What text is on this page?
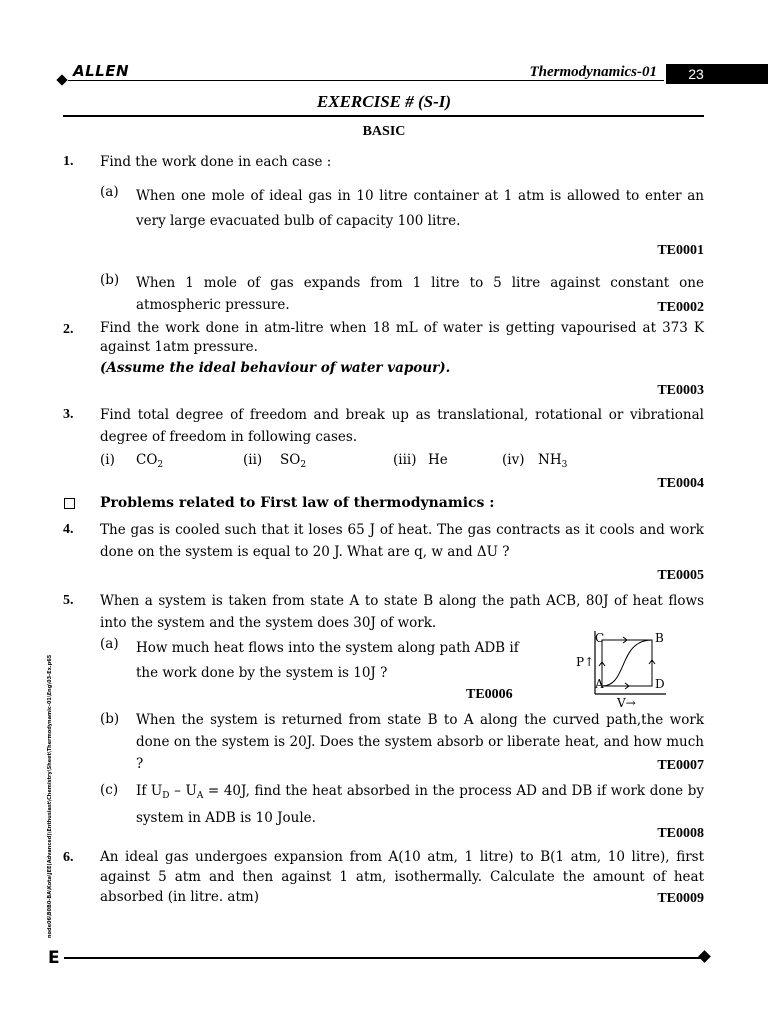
ALLEN	Thermodynamics-01	23
EXERCISE # (S-I)
BASIC
1. Find the work done in each case :
(a)	When one mole of ideal gas in 10 litre container at 1 atm is allowed to enter an very large evacuated bulb of capacity 100 litre.
TE0001
(b)	When 1 mole of gas expands from 1 litre to 5 litre against constant one atmospheric pressure.	TE0002
2. Find the work done in atm-litre when 18 mL of water is getting vapourised at 373 K against 1atm pressure.
(Assume the ideal behaviour of water vapour).
TE0003
3. Find total degree of freedom and break up as translational, rotational or vibrational degree of freedom in following cases.
(i) $CO_2$	(ii) $SO_2$	(iii) He	(iv) $NH_3$
TE0004
Problems related to First law of thermodynamics :
4. The gas is cooled such that it loses 65 J of heat. The gas contracts as it cools and work done on the system is equal to 20 J. What are q, w and ΔU ?
TE0005
5. When a system is taken from state A to state B along the path ACB, 80J of heat flows into the system and the system does 30J of work.
(a)	How much heat flows into the system along path ADB if the work done by the system is 10J ?
TE0006
C	B
A	D
P↑
V→
(b)	When the system is returned from state B to A along the curved path,the work done on the system is 20J. Does the system absorb or liberate heat, and how much ?	TE0007
(c)	If $U_D - U_A = 40J$, find the heat absorbed in the process AD and DB if work done by system in ADB is 10 Joule.
TE0008
6. An ideal gas undergoes expansion from A(10 atm, 1 litre) to B(1 atm, 10 litre), first against 5 atm and then against 1 atm, isothermally. Calculate the amount of heat absorbed (in litre. atm)	TE0009
node06\B0B0-BA\Kota\JEE(Advanced)\Enthusiast\Chemistry\Sheet\Thermodynamic-01\Eng\03-Ex.p65
E
